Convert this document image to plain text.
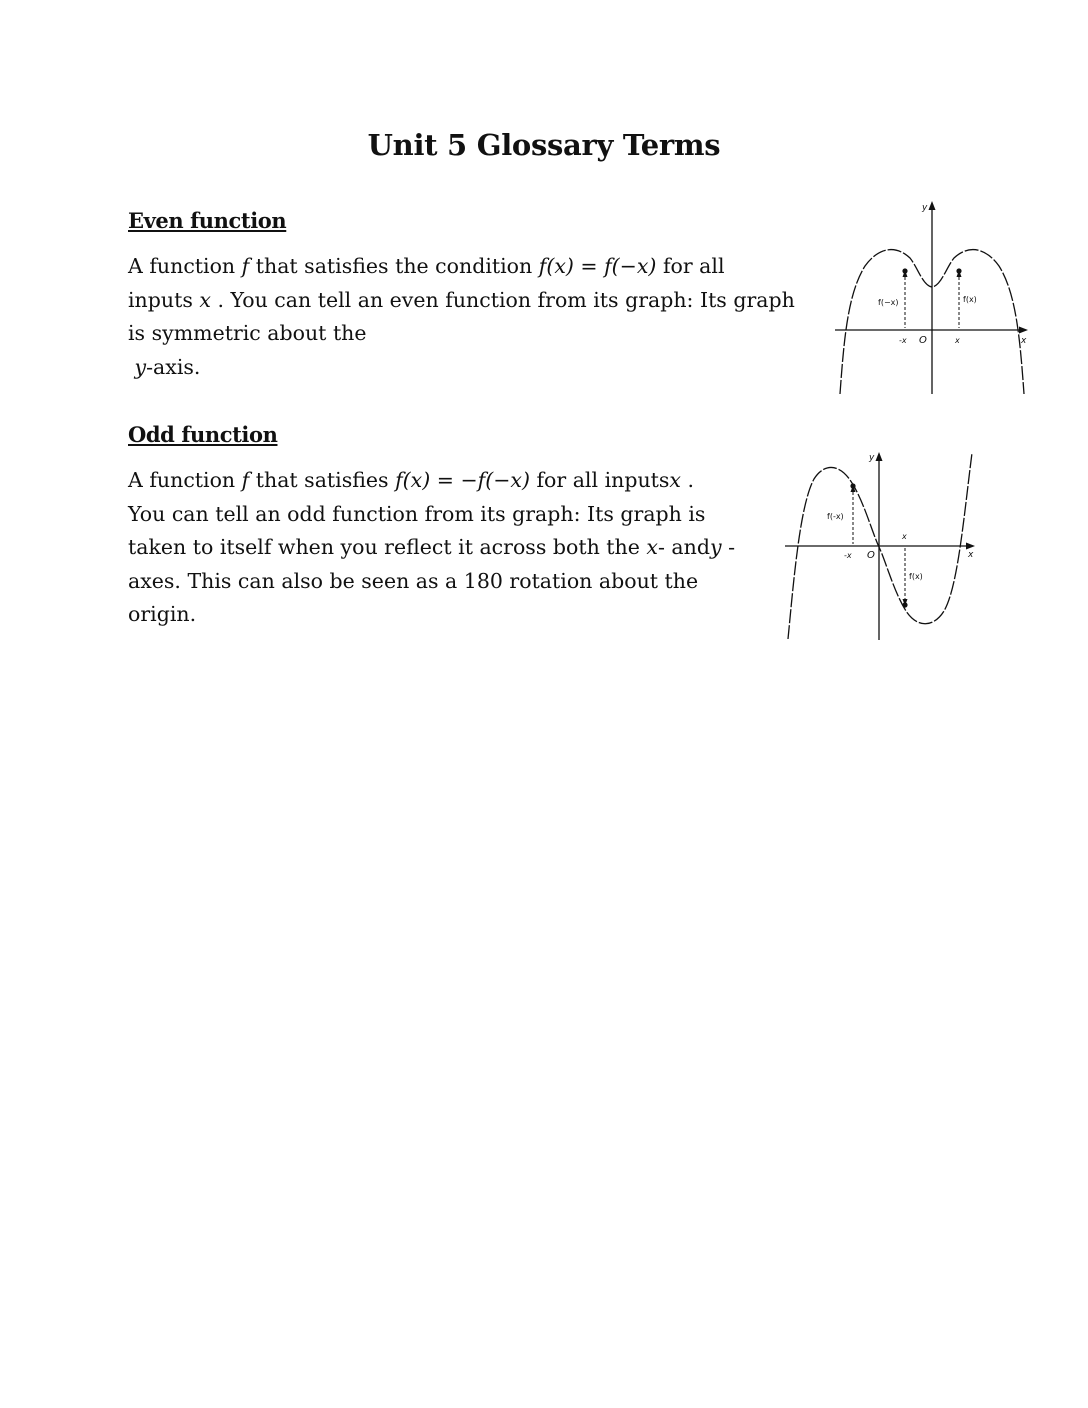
Unit 5 Glossary Terms
Even function
A function f that satisfies the condition f(x) = f(−x) for all
inputs x . You can tell an even function from its graph: Its graph
is symmetric about the
y-axis.
y
x
O
-x	x
f(−x)	f(x)
Odd function
A function f that satisfies f(x) = −f(−x) for all inputsx .
You can tell an odd function from its graph: Its graph is
taken to itself when you reflect it across both the x- andy -
axes. This can also be seen as a 180 rotation about the
origin.
y
x
O
-x
x
f(-x)
f(x)
